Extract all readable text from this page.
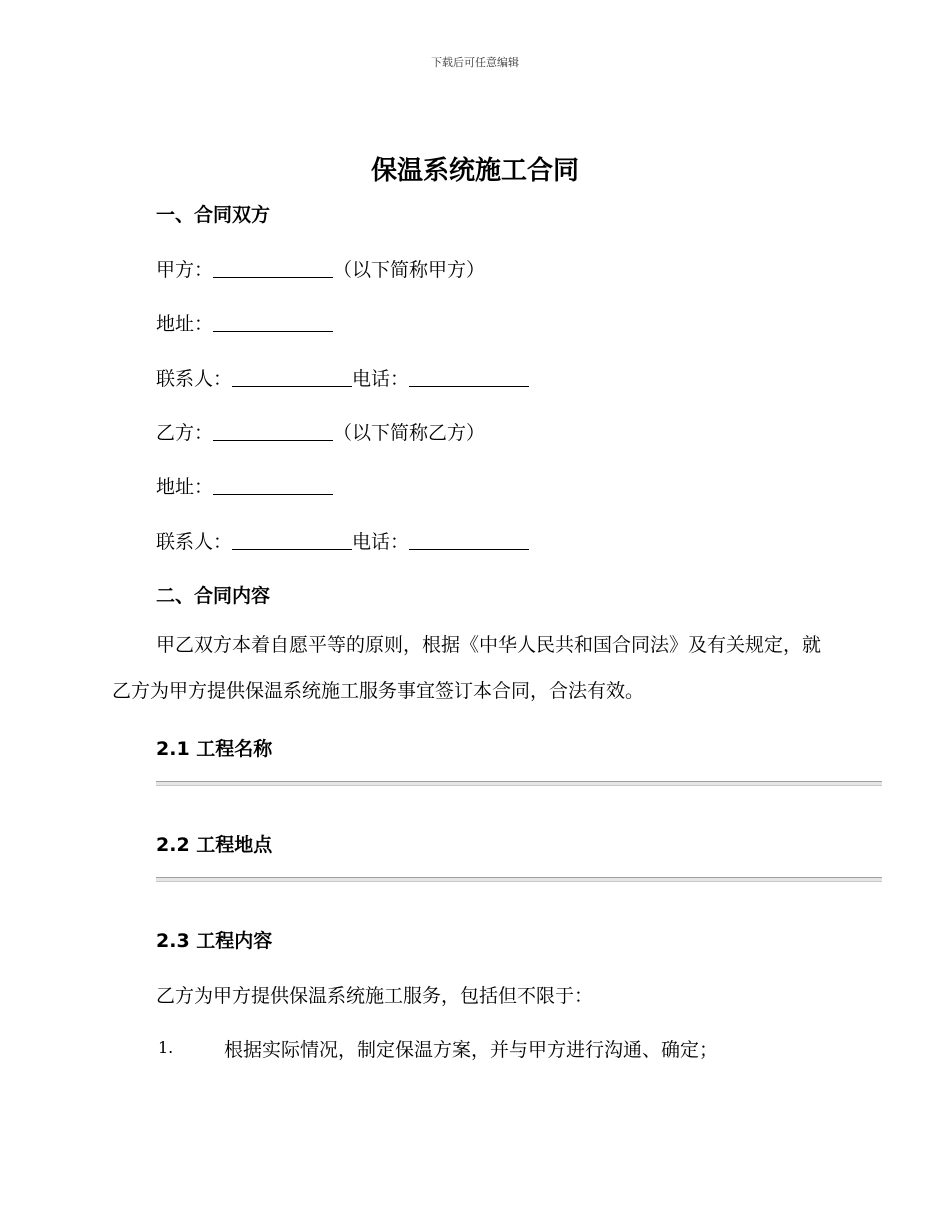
下载后可任意编辑
保温系统施工合同
一、合同双方
甲方：	（以下简称甲方）
地址：
联系人：	电话：
乙方：	（以下简称乙方）
地址：
联系人：	电话：
二、合同内容
甲乙双方本着自愿平等的原则，根据《中华人民共和国合同法》及有关规定，就乙方为甲方提供保温系统施工服务事宜签订本合同，合法有效。
2.1 工程名称
2.2 工程地点
2.3 工程内容
乙方为甲方提供保温系统施工服务，包括但不限于：
1.	根据实际情况，制定保温方案，并与甲方进行沟通、确定；
